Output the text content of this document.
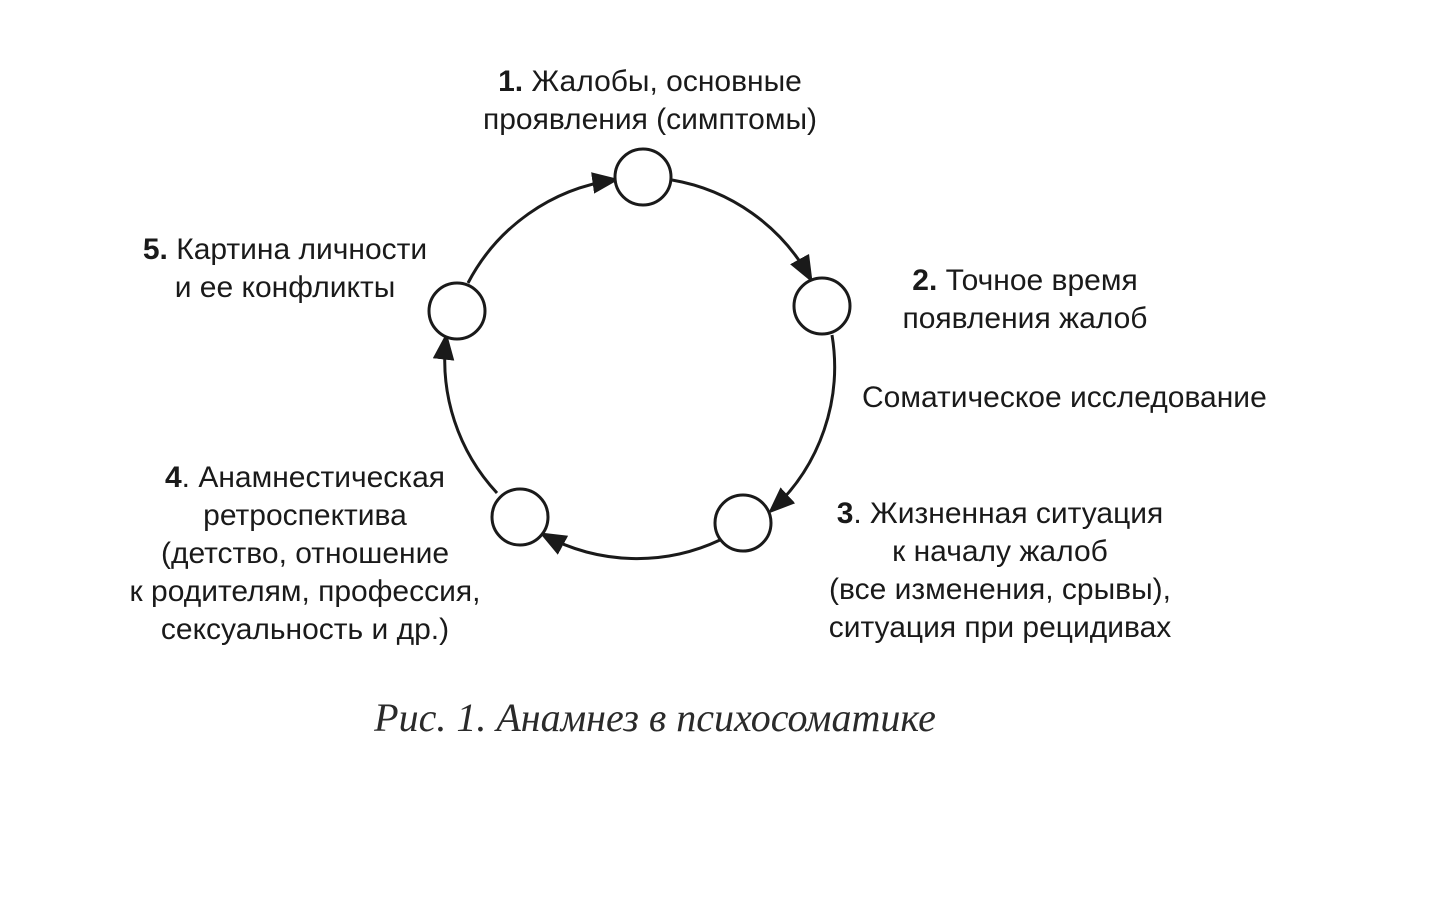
1. Жалобы, основные
проявления (симптомы)
2. Точное время
появления жалоб
Соматическое исследование
3. Жизненная ситуация
к началу жалоб
(все изменения, срывы),
ситуация при рецидивах
4. Анамнестическая
ретроспектива
(детство, отношение
к родителям, профессия,
сексуальность и др.)
5. Картина личности
и ее конфликты
Рис. 1. Анамнез в психосоматике
